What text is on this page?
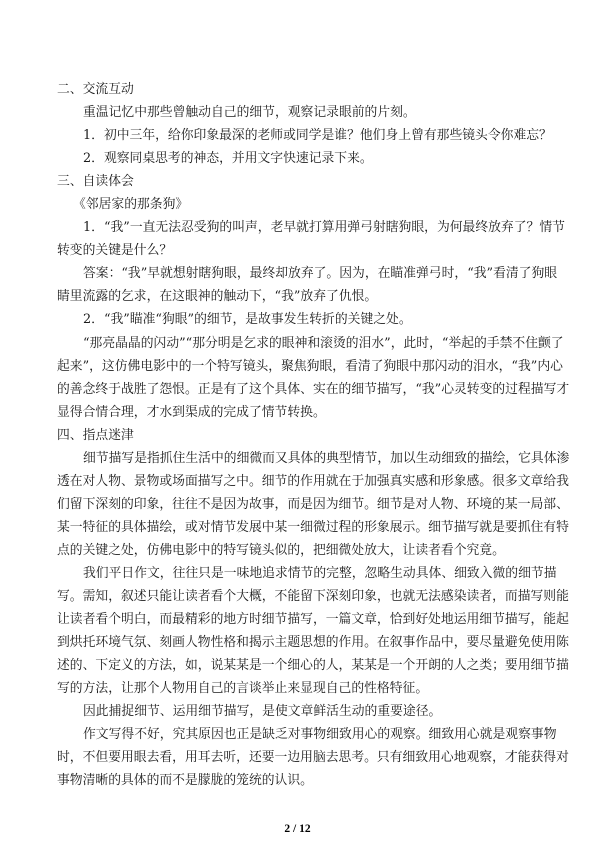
二、交流互动

重温记忆中那些曾触动自己的细节，观察记录眼前的片刻。

1．初中三年，给你印象最深的老师或同学是谁？他们身上曾有那些镜头令你难忘？

2．观察同桌思考的神态，并用文字快速记录下来。

三、自读体会

《邻居家的那条狗》

1．“我”一直无法忍受狗的叫声，老早就打算用弹弓射瞎狗眼，为何最终放弃了？情节

转变的关键是什么？

答案：“我”早就想射瞎狗眼，最终却放弃了。因为，在瞄准弹弓时，“我”看清了狗眼

睛里流露的乞求，在这眼神的触动下，“我”放弃了仇恨。

2．“我”瞄准“狗眼”的细节，是故事发生转折的关键之处。

“那亮晶晶的闪动”“那分明是乞求的眼神和滚烫的泪水”，此时，“举起的手禁不住颤了

起来”，这仿佛电影中的一个特写镜头，聚焦狗眼，看清了狗眼中那闪动的泪水，“我”内心

的善念终于战胜了怨恨。正是有了这个具体、实在的细节描写，“我”心灵转变的过程描写才

显得合情合理，才水到渠成的完成了情节转换。

四、指点迷津

细节描写是指抓住生活中的细微而又具体的典型情节，加以生动细致的描绘，它具体渗

透在对人物、景物或场面描写之中。细节的作用就在于加强真实感和形象感。很多文章给我

们留下深刻的印象，往往不是因为故事，而是因为细节。细节是对人物、环境的某一局部、

某一特征的具体描绘，或对情节发展中某一细微过程的形象展示。细节描写就是要抓住有特

点的关键之处，仿佛电影中的特写镜头似的，把细微处放大，让读者看个究竟。

我们平日作文，往往只是一味地追求情节的完整，忽略生动具体、细致入微的细节描

写。需知，叙述只能让读者看个大概，不能留下深刻印象，也就无法感染读者，而描写则能

让读者看个明白，而最精彩的地方时细节描写，一篇文章，恰到好处地运用细节描写，能起

到烘托环境气氛、刻画人物性格和揭示主题思想的作用。在叙事作品中，要尽量避免使用陈

述的、下定义的方法，如，说某某是一个细心的人，某某是一个开朗的人之类；要用细节描

写的方法，让那个人物用自己的言谈举止来显现自己的性格特征。

因此捕捉细节、运用细节描写，是使文章鲜活生动的重要途径。

作文写得不好，究其原因也正是缺乏对事物细致用心的观察。细致用心就是观察事物

时，不但要用眼去看，用耳去听，还要一边用脑去思考。只有细致用心地观察，才能获得对

事物清晰的具体的而不是朦胧的笼统的认识。

2 / 12
